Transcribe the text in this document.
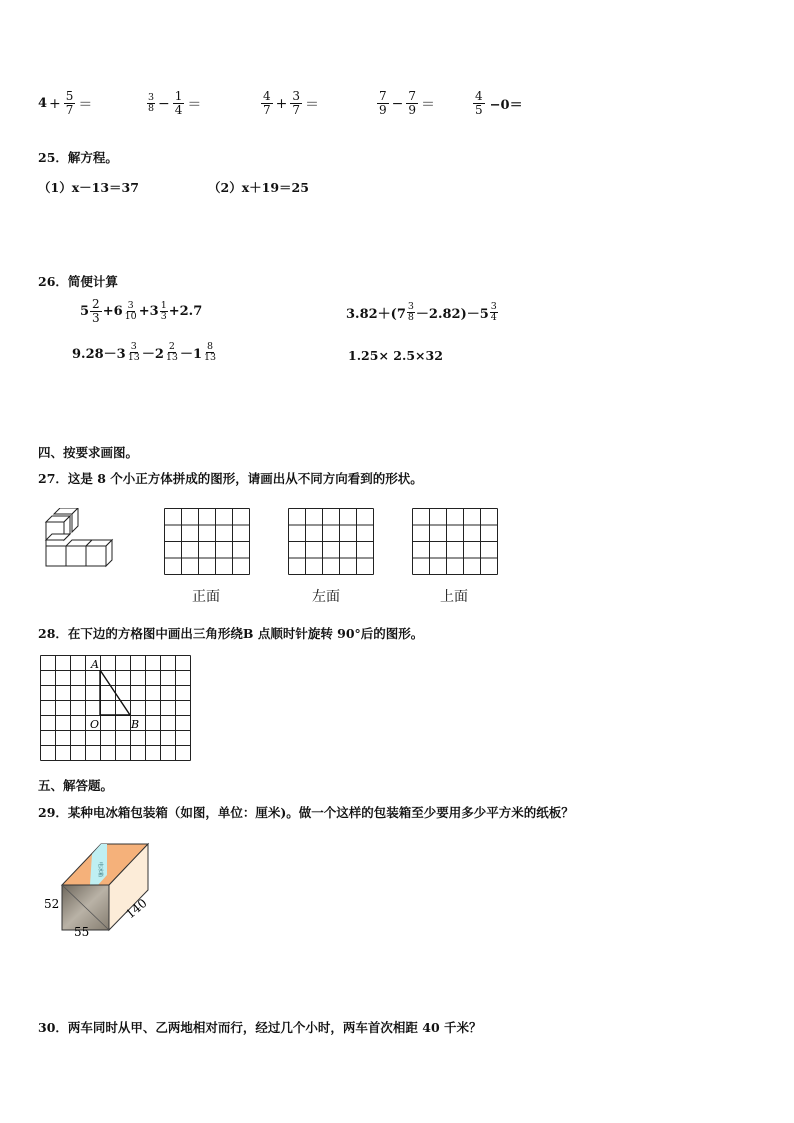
$4 + \frac{5}{7}$ ＝	$\frac{3}{8} - \frac{1}{4}$ ＝	$\frac{4}{7} + \frac{3}{7}$ ＝	$\frac{7}{9} - \frac{7}{9}$ ＝	$\frac{4}{5} -0=$
25．解方程。
（1）x－13＝37	（2）x＋19＝25
26．简便计算
$5 \frac{2}{3} +6 \frac{3}{10} +3 \frac{1}{3} +2.7$	$3.82+(7 \frac{3}{8} -2.82)-5 \frac{3}{4}$
$9.28-3 \frac{3}{13} -2 \frac{2}{13} -1 \frac{8}{13}$	1.25× 2.5×32
四、按要求画图。
27．这是 8 个小正方体拼成的图形，请画出从不同方向看到的形状。
正面	左面	上面
28．在下边的方格图中画出三角形绕B 点顺时针旋转 90°后的图形。
A
O	B
五、解答题。
29．某种电冰箱包装箱（如图，单位：厘米)。做一个这样的包装箱至少要用多少平方米的纸板？
电冰箱
52
55
140
30．两车同时从甲、乙两地相对而行，经过几个小时，两车首次相距 40 千米？
